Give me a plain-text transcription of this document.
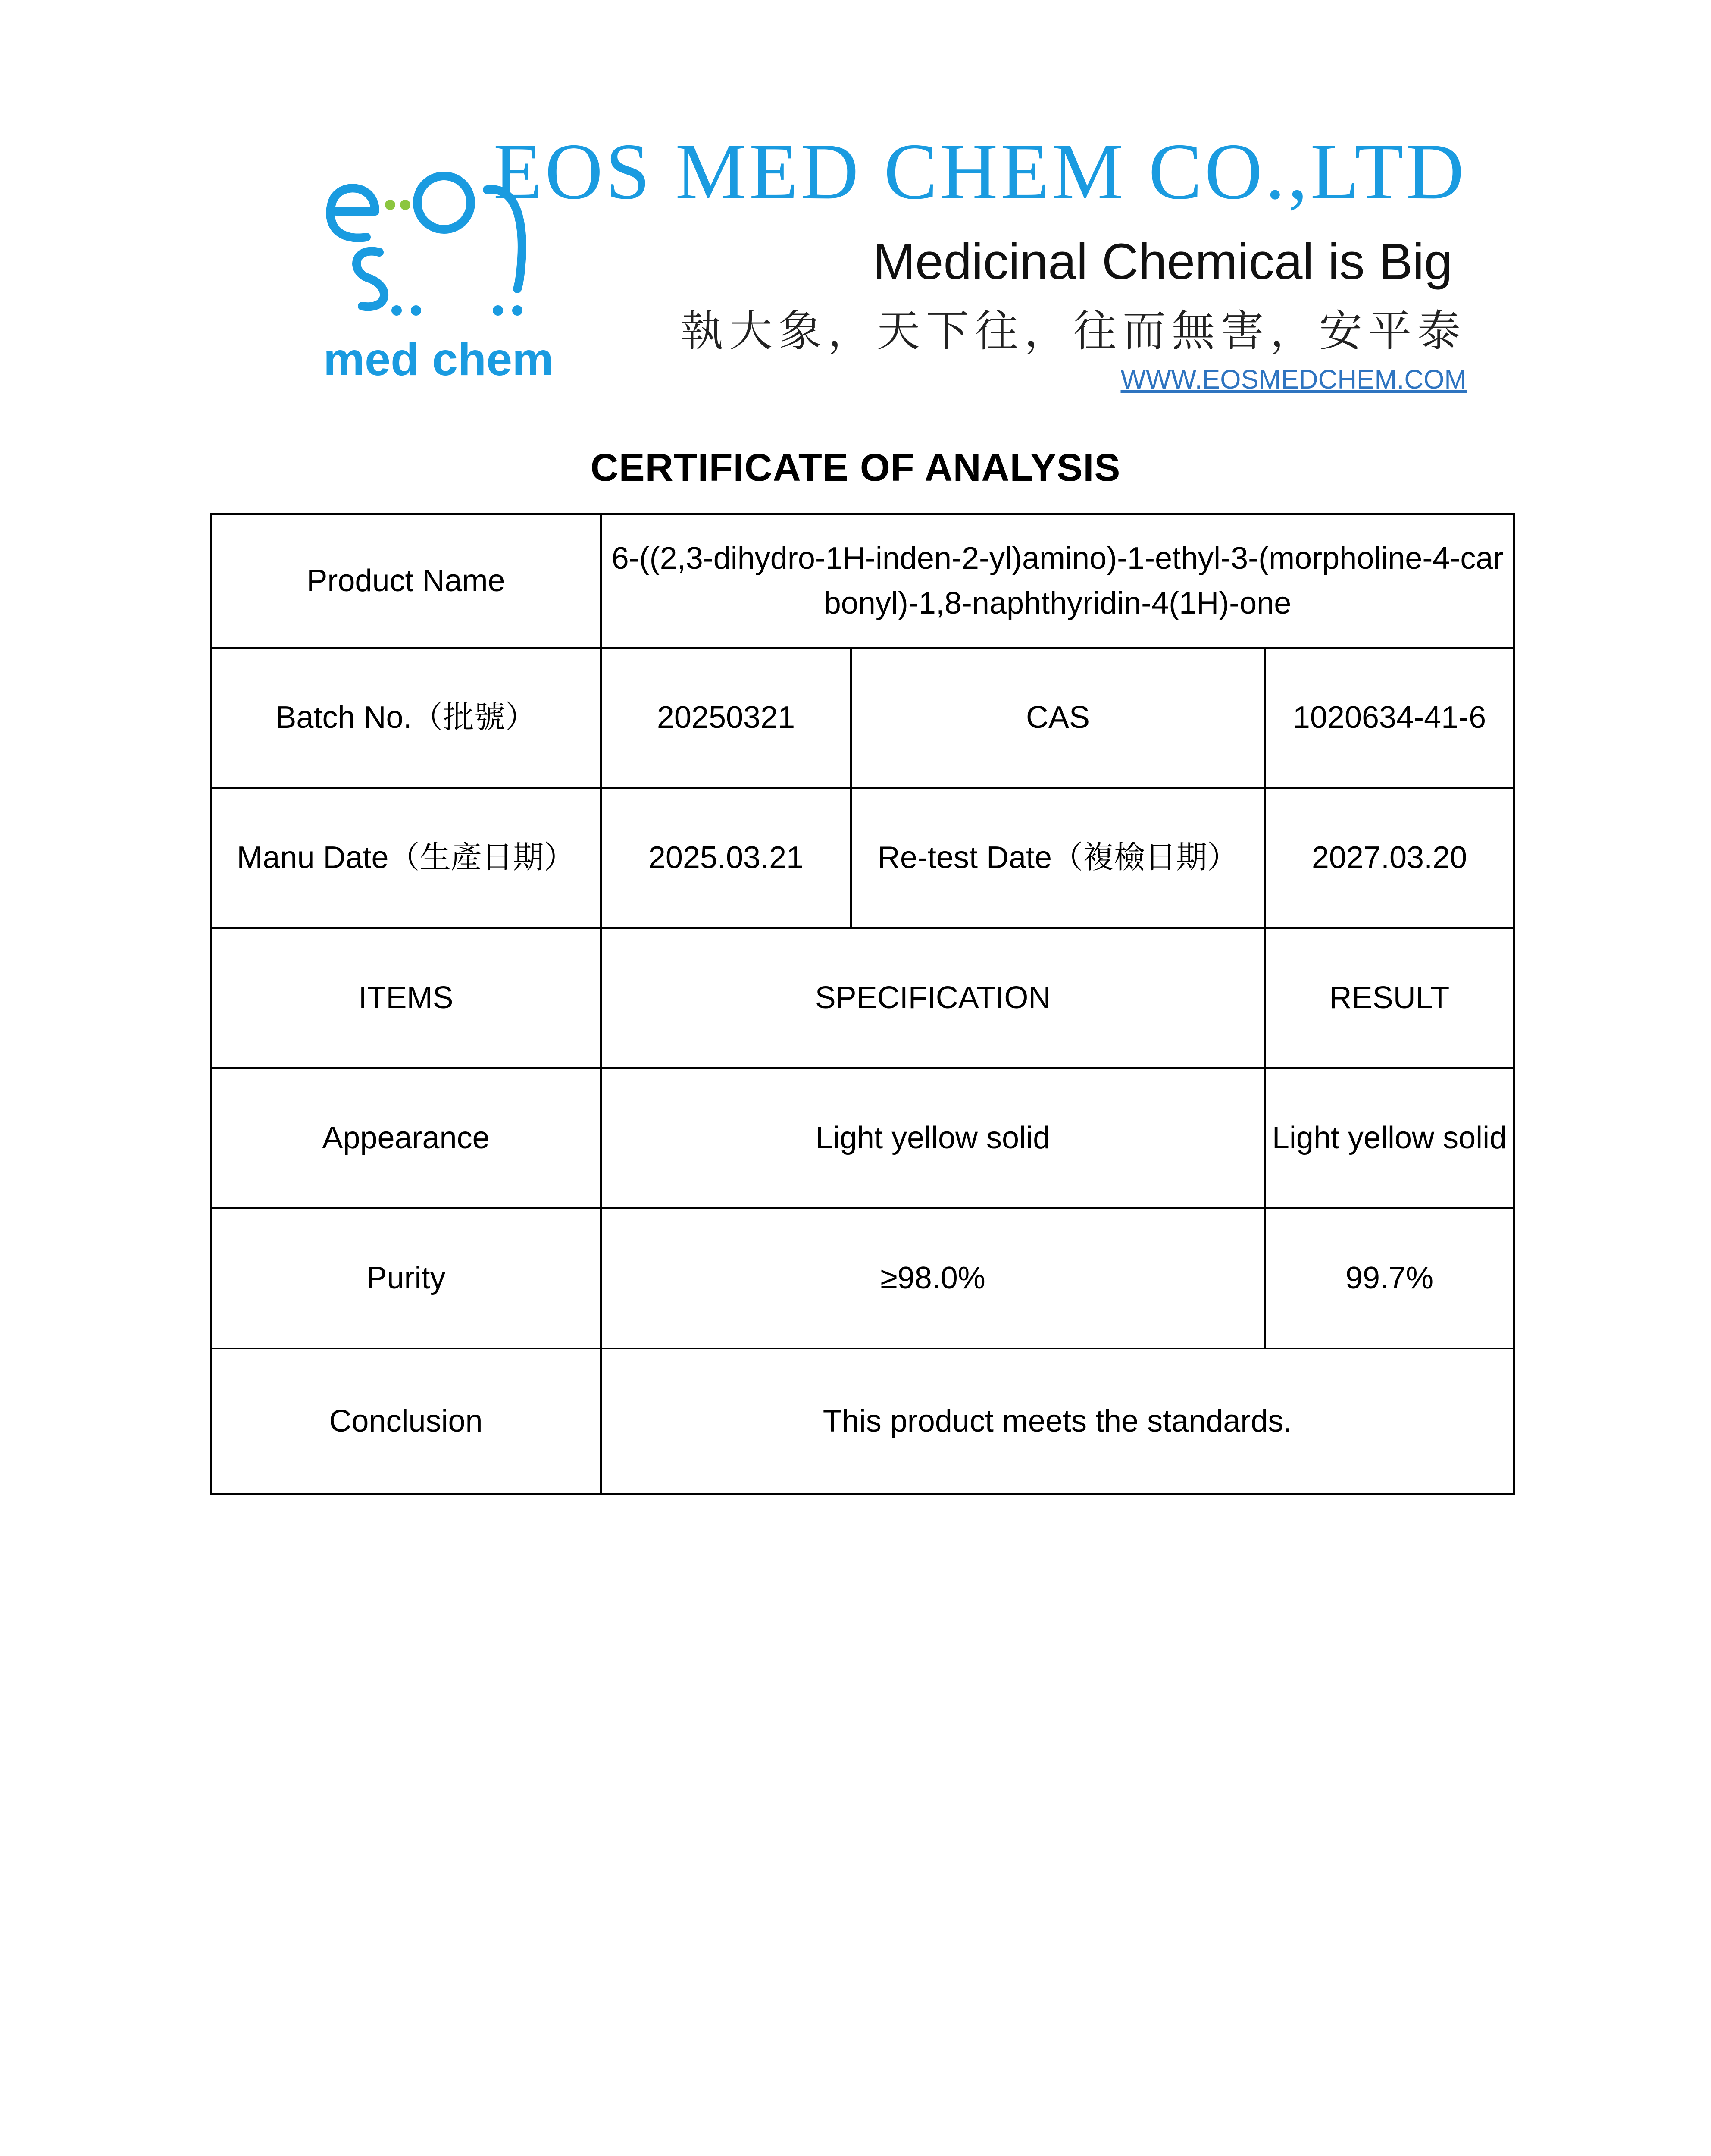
med chem
EOS MED CHEM CO.,LTD
Medicinal Chemical is Big
執大象，天下往，往而無害，安平泰
WWW.EOSMEDCHEM.COM
CERTIFICATE OF ANALYSIS
Product Name	6-((2,3-dihydro-1H-inden-2-yl)amino)-1-ethyl-3-(morpholine-4-carbonyl)-1,8-naphthyridin-4(1H)-one		
Batch No.（批號）	20250321	CAS	1020634-41-6
Manu Date（生產日期）	2025.03.21	Re-test Date（複檢日期）	2027.03.20
ITEMS	SPECIFICATION		RESULT
Appearance	Light yellow solid		Light yellow solid
Purity	≥98.0%		99.7%
Conclusion	This product meets the standards.		
